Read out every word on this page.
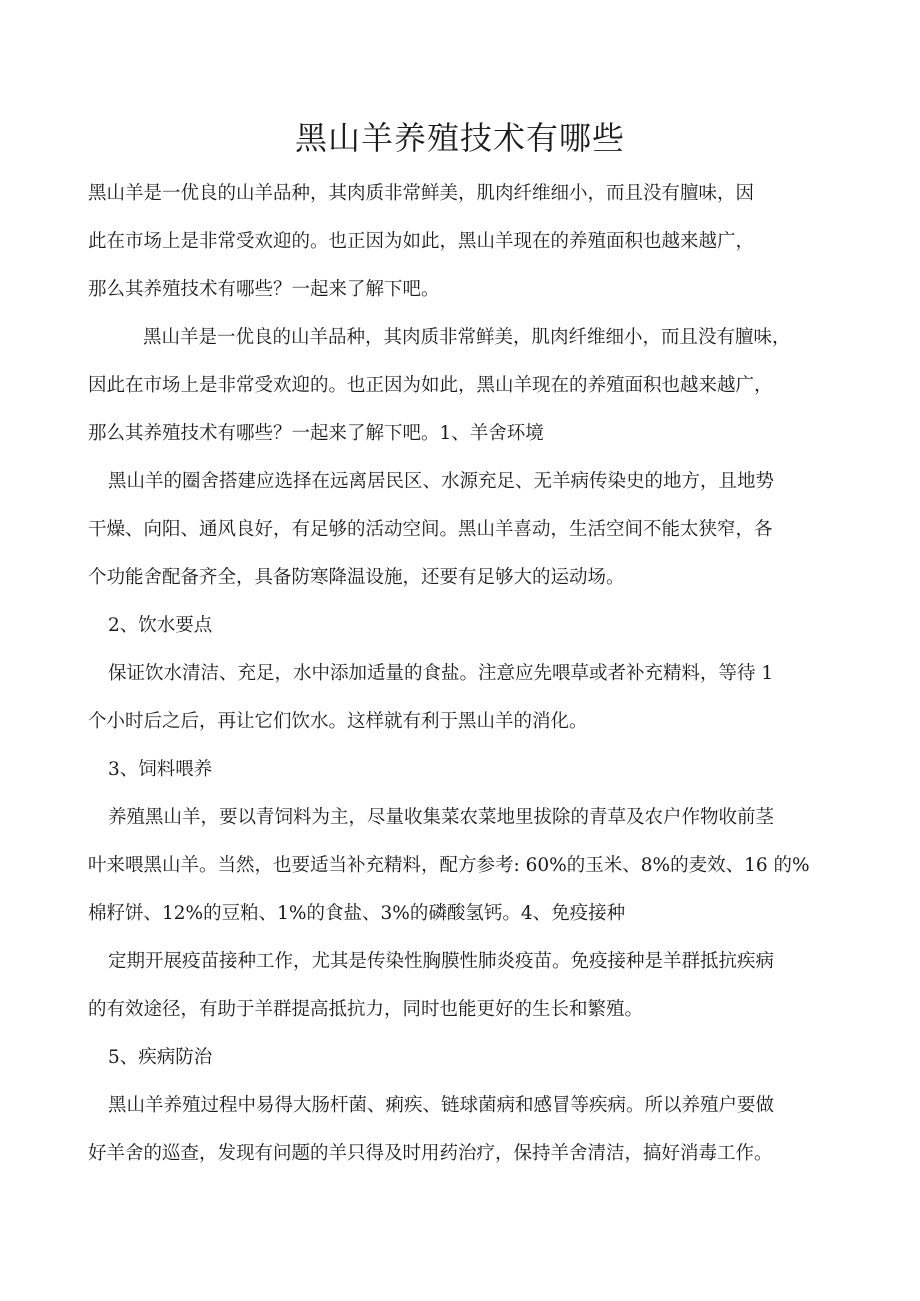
黑山羊养殖技术有哪些

黑山羊是一优良的山羊品种，其肉质非常鲜美，肌肉纤维细小，而且没有膻味，因

此在市场上是非常受欢迎的。也正因为如此，黑山羊现在的养殖面积也越来越广，

那么其养殖技术有哪些？一起来了解下吧。

黑山羊是一优良的山羊品种，其肉质非常鲜美，肌肉纤维细小，而且没有膻味，

因此在市场上是非常受欢迎的。也正因为如此，黑山羊现在的养殖面积也越来越广，

那么其养殖技术有哪些？一起来了解下吧。1、羊舍环境

黑山羊的圈舍搭建应选择在远离居民区、水源充足、无羊病传染史的地方，且地势

干燥、向阳、通风良好，有足够的活动空间。黑山羊喜动，生活空间不能太狭窄，各

个功能舍配备齐全，具备防寒降温设施，还要有足够大的运动场。

2、饮水要点

保证饮水清洁、充足，水中添加适量的食盐。注意应先喂草或者补充精料，等待 1

个小时后之后，再让它们饮水。这样就有利于黑山羊的消化。

3、饲料喂养

养殖黑山羊，要以青饲料为主，尽量收集菜农菜地里拔除的青草及农户作物收前茎

叶来喂黑山羊。当然，也要适当补充精料，配方参考: 60%的玉米、8%的麦效、16 的%

棉籽饼、12%的豆粕、1%的食盐、3%的磷酸氢钙。4、免疫接种

定期开展疫苗接种工作，尤其是传染性胸膜性肺炎疫苗。免疫接种是羊群抵抗疾病

的有效途径，有助于羊群提高抵抗力，同时也能更好的生长和繁殖。

5、疾病防治

黑山羊养殖过程中易得大肠杆菌、痢疾、链球菌病和感冒等疾病。所以养殖户要做

好羊舍的巡查，发现有问题的羊只得及时用药治疗，保持羊舍清洁，搞好消毒工作。
